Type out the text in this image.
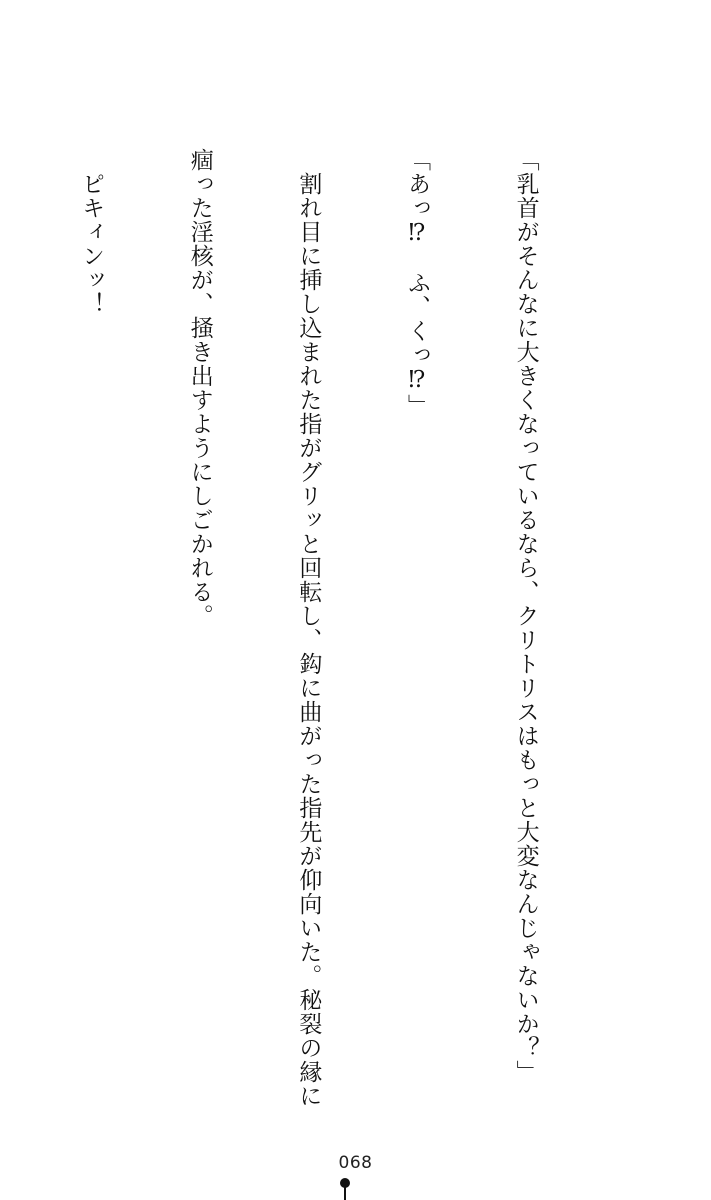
「乳首がそんなに大きくなっているなら、クリトリスはもっと大変なんじゃないか？」

「あっ⁉　ふ、くっ⁉」

　割れ目に挿し込まれた指がグリッと回転し、鈎に曲がった指先が仰向いた。秘裂の縁に

痼った淫核が、掻き出すようにしごかれる。

　ピキィンッ！

068
